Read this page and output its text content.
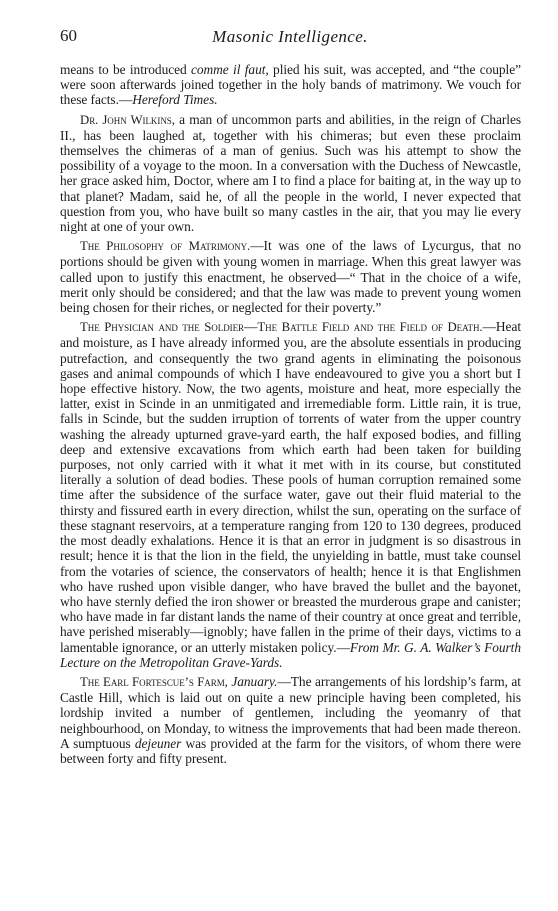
60	Masonic Intelligence.

means to be introduced comme il faut, plied his suit, was accepted, and “the couple” were soon afterwards joined together in the holy bands of matrimony. We vouch for these facts.—Hereford Times.

Dr. John Wilkins, a man of uncommon parts and abilities, in the reign of Charles II., has been laughed at, together with his chimeras; but even these proclaim themselves the chimeras of a man of genius. Such was his attempt to show the possibility of a voyage to the moon. In a conversation with the Duchess of Newcastle, her grace asked him, Doctor, where am I to find a place for baiting at, in the way up to that planet? Madam, said he, of all the people in the world, I never expected that question from you, who have built so many castles in the air, that you may lie every night at one of your own.

The Philosophy of Matrimony.—It was one of the laws of Lycurgus, that no portions should be given with young women in marriage. When this great lawyer was called upon to justify this enactment, he observed—“ That in the choice of a wife, merit only should be considered; and that the law was made to prevent young women being chosen for their riches, or neglected for their poverty.”

The Physician and the Soldier—The Battle Field and the Field of Death.—Heat and moisture, as I have already informed you, are the absolute essentials in producing putrefaction, and consequently the two grand agents in eliminating the poisonous gases and animal compounds of which I have endeavoured to give you a short but I hope effective history. Now, the two agents, moisture and heat, more especially the latter, exist in Scinde in an unmitigated and irremediable form. Little rain, it is true, falls in Scinde, but the sudden irruption of torrents of water from the upper country washing the already upturned grave-yard earth, the half exposed bodies, and filling deep and extensive excavations from which earth had been taken for building purposes, not only carried with it what it met with in its course, but constituted literally a solution of dead bodies. These pools of human corruption remained some time after the subsidence of the surface water, gave out their fluid material to the thirsty and fissured earth in every direction, whilst the sun, operating on the surface of these stagnant reservoirs, at a temperature ranging from 120 to 130 degrees, produced the most deadly exhalations. Hence it is that an error in judgment is so disastrous in result; hence it is that the lion in the field, the unyielding in battle, must take counsel from the votaries of science, the conservators of health; hence it is that Englishmen who have rushed upon visible danger, who have braved the bullet and the bayonet, who have sternly defied the iron shower or breasted the murderous grape and canister; who have made in far distant lands the name of their country at once great and terrible, have perished miserably—ignobly; have fallen in the prime of their days, victims to a lamentable ignorance, or an utterly mistaken policy.—From Mr. G. A. Walker’s Fourth Lecture on the Metropolitan Grave-Yards.

The Earl Fortescue’s Farm, January.—The arrangements of his lordship’s farm, at Castle Hill, which is laid out on quite a new principle having been completed, his lordship invited a number of gentlemen, including the yeomanry of that neighbourhood, on Monday, to witness the improvements that had been made thereon. A sumptuous dejeuner was provided at the farm for the visitors, of whom there were between forty and fifty present.
